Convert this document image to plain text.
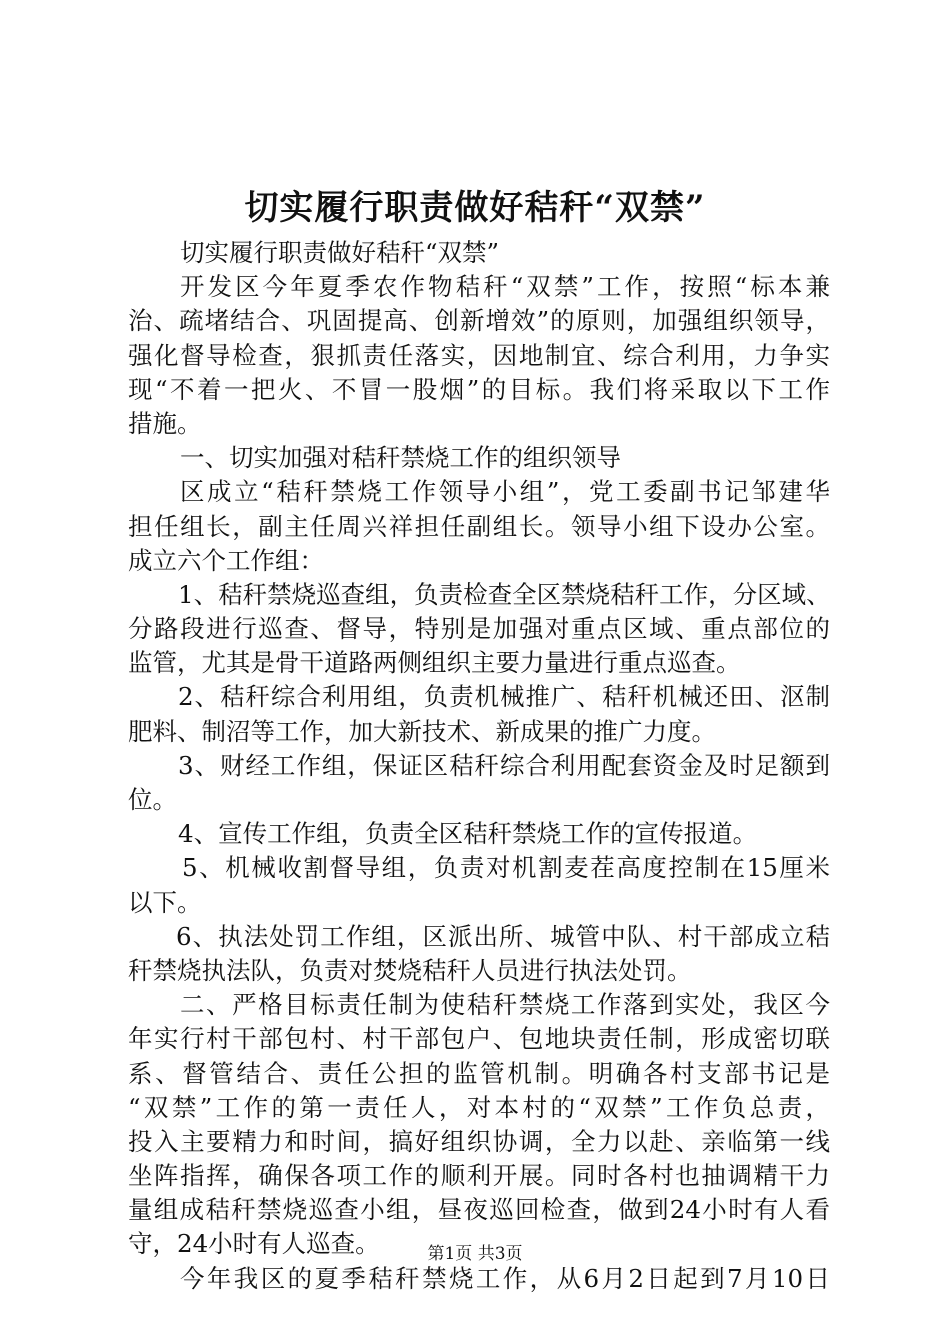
切实履行职责做好秸秆“双禁”
切实履行职责做好秸秆“双禁”
开发区今年夏季农作物秸秆“双禁”工作，按照“标本兼
治、疏堵结合、巩固提高、创新增效”的原则，加强组织领导，
强化督导检查，狠抓责任落实，因地制宜、综合利用，力争实
现“不着一把火、不冒一股烟”的目标。我们将采取以下工作
措施。
一、切实加强对秸秆禁烧工作的组织领导
区成立“秸秆禁烧工作领导小组”，党工委副书记邹建华
担任组长，副主任周兴祥担任副组长。领导小组下设办公室。
成立六个工作组：
1、秸秆禁烧巡查组，负责检查全区禁烧秸秆工作，分区域、
分路段进行巡查、督导，特别是加强对重点区域、重点部位的
监管，尤其是骨干道路两侧组织主要力量进行重点巡查。
2、秸秆综合利用组，负责机械推广、秸秆机械还田、沤制
肥料、制沼等工作，加大新技术、新成果的推广力度。
3、财经工作组，保证区秸秆综合利用配套资金及时足额到
位。
4、宣传工作组，负责全区秸秆禁烧工作的宣传报道。
5、机械收割督导组，负责对机割麦茬高度控制在15厘米
以下。
6、执法处罚工作组，区派出所、城管中队、村干部成立秸
秆禁烧执法队，负责对焚烧秸秆人员进行执法处罚。
二、严格目标责任制为使秸秆禁烧工作落到实处，我区今
年实行村干部包村、村干部包户、包地块责任制，形成密切联
系、督管结合、责任公担的监管机制。明确各村支部书记是
“双禁”工作的第一责任人，对本村的“双禁”工作负总责，
投入主要精力和时间，搞好组织协调，全力以赴、亲临第一线
坐阵指挥，确保各项工作的顺利开展。同时各村也抽调精干力
量组成秸秆禁烧巡查小组，昼夜巡回检查，做到24小时有人看
守，24小时有人巡查。
今年我区的夏季秸秆禁烧工作，从6月2日起到7月10日
第1页 共3页
